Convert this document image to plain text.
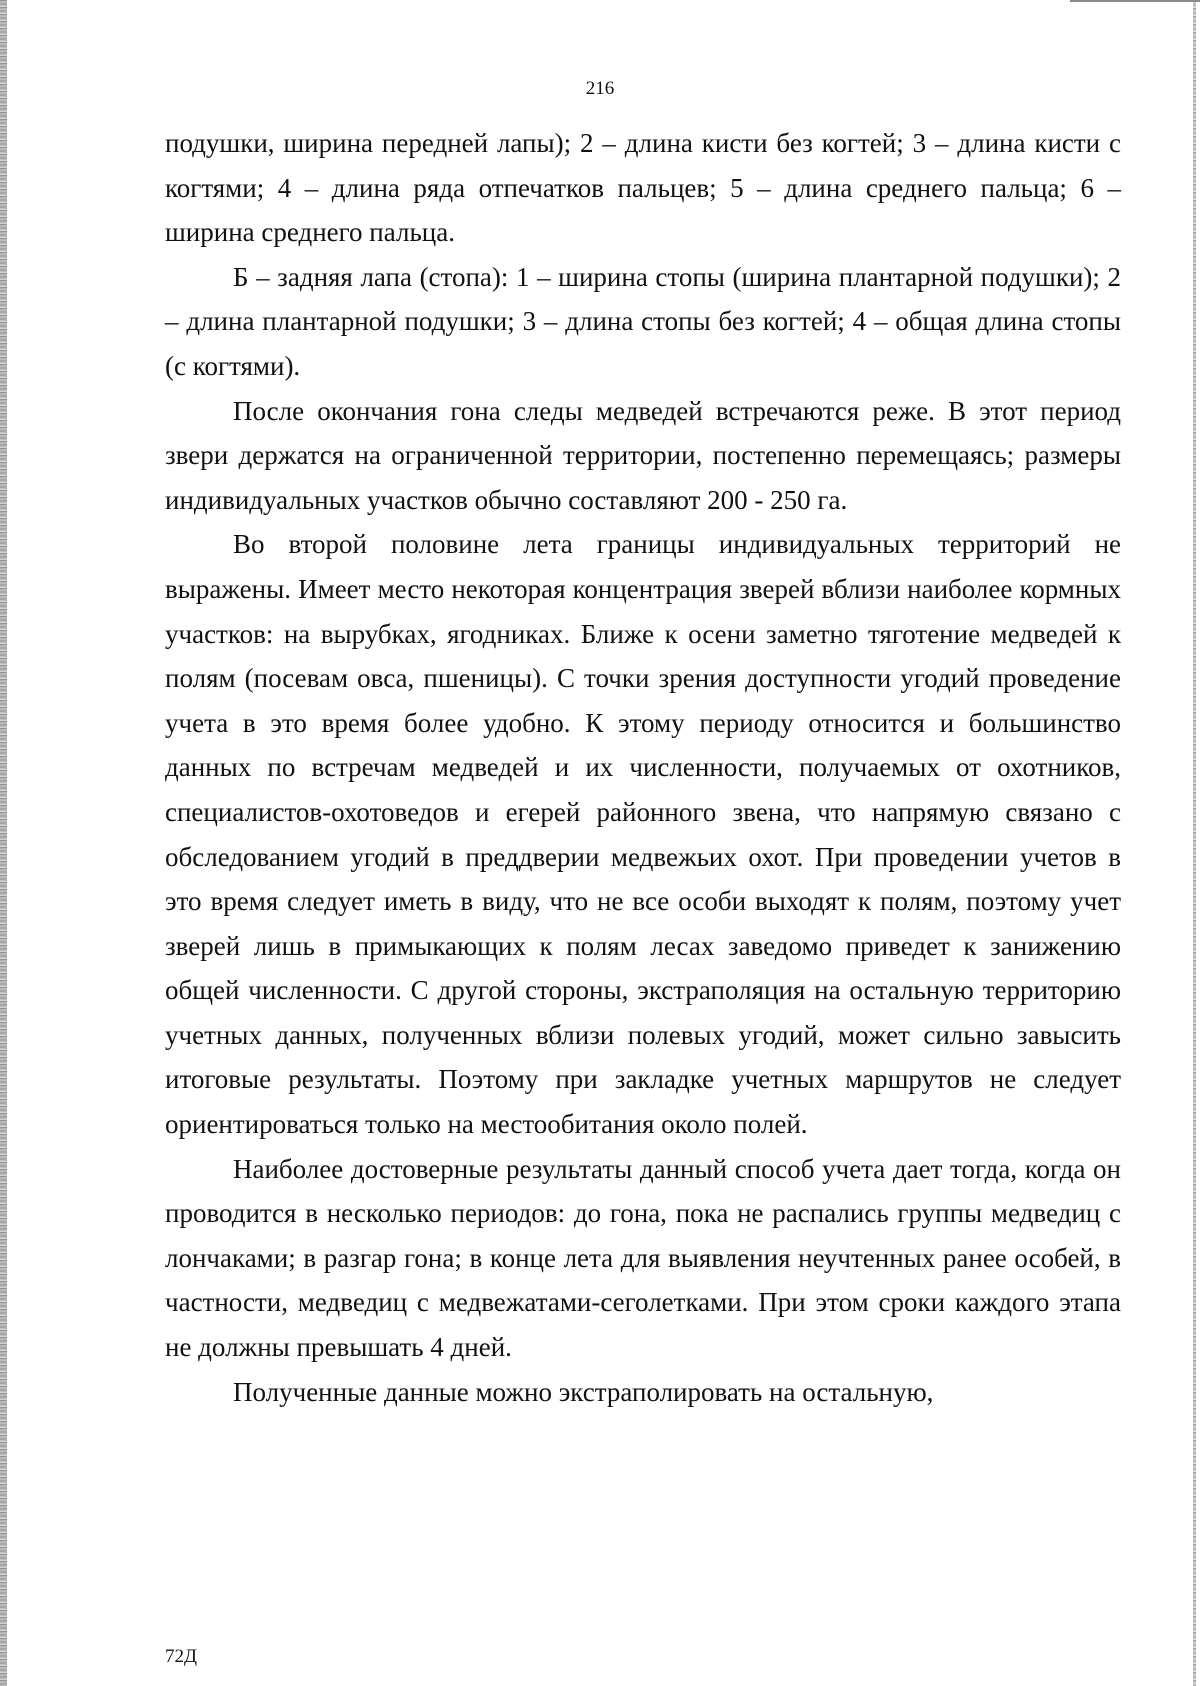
216

подушки, ширина передней лапы); 2 – длина кисти без когтей; 3 – длина кисти с когтями; 4 – длина ряда отпечатков пальцев; 5 – длина среднего пальца; 6 – ширина среднего пальца.

Б – задняя лапа (стопа): 1 – ширина стопы (ширина плантарной подушки); 2 – длина плантарной подушки; 3 – длина стопы без когтей; 4 – общая длина стопы (с когтями).

После окончания гона следы медведей встречаются реже. В этот период звери держатся на ограниченной территории, постепенно перемещаясь; размеры индивидуальных участков обычно составляют 200 - 250 га.

Во второй половине лета границы индивидуальных территорий не выражены. Имеет место некоторая концентрация зверей вблизи наиболее кормных участков: на вырубках, ягодниках. Ближе к осени заметно тяготение медведей к полям (посевам овса, пшеницы). С точки зрения доступности угодий проведение учета в это время более удобно. К этому периоду относится и большинство данных по встречам медведей и их численности, получаемых от охотников, специалистов-охотоведов и егерей районного звена, что напрямую связано с обследованием угодий в преддверии медвежьих охот. При проведении учетов в это время следует иметь в виду, что не все особи выходят к полям, поэтому учет зверей лишь в примыкающих к полям лесах заведомо приведет к занижению общей численности. С другой стороны, экстраполяция на остальную территорию учетных данных, полученных вблизи полевых угодий, может сильно завысить итоговые результаты. Поэтому при закладке учетных маршрутов не следует ориентироваться только на местообитания около полей.

Наиболее достоверные результаты данный способ учета дает тогда, когда он проводится в несколько периодов: до гона, пока не распались группы медведиц с лончаками; в разгар гона; в конце лета для выявления неучтенных ранее особей, в частности, медведиц с медвежатами-сеголетками. При этом сроки каждого этапа не должны превышать 4 дней.

Полученные данные можно экстраполировать на остальную,

72Д
